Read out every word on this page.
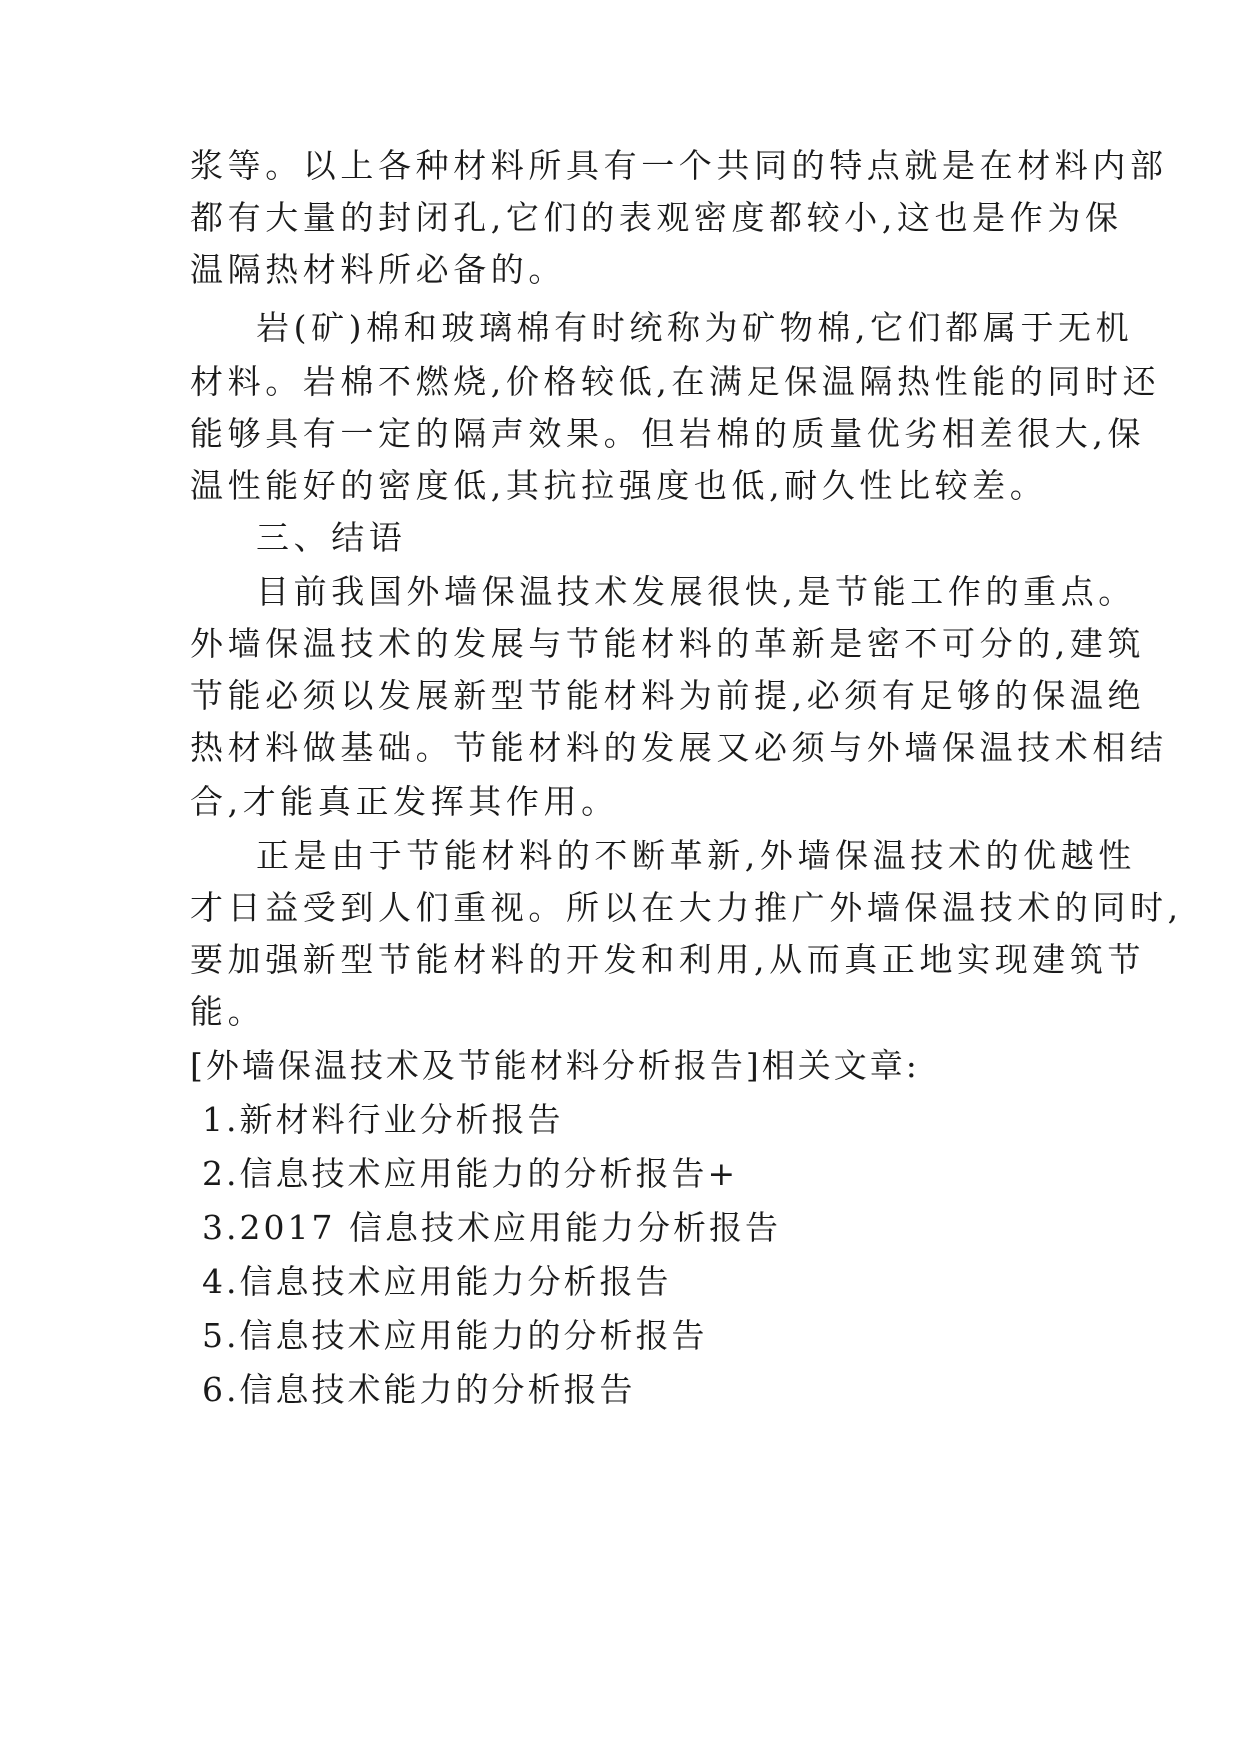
浆等。以上各种材料所具有一个共同的特点就是在材料内部
都有大量的封闭孔,它们的表观密度都较小,这也是作为保
温隔热材料所必备的。
岩(矿)棉和玻璃棉有时统称为矿物棉,它们都属于无机
材料。岩棉不燃烧,价格较低,在满足保温隔热性能的同时还
能够具有一定的隔声效果。但岩棉的质量优劣相差很大,保
温性能好的密度低,其抗拉强度也低,耐久性比较差。
三、结语
目前我国外墙保温技术发展很快,是节能工作的重点。
外墙保温技术的发展与节能材料的革新是密不可分的,建筑
节能必须以发展新型节能材料为前提,必须有足够的保温绝
热材料做基础。节能材料的发展又必须与外墙保温技术相结
合,才能真正发挥其作用。
正是由于节能材料的不断革新,外墙保温技术的优越性
才日益受到人们重视。所以在大力推广外墙保温技术的同时,
要加强新型节能材料的开发和利用,从而真正地实现建筑节
能。
[外墙保温技术及节能材料分析报告]相关文章:
1.新材料行业分析报告
2.信息技术应用能力的分析报告+
3.2017 信息技术应用能力分析报告
4.信息技术应用能力分析报告
5.信息技术应用能力的分析报告
6.信息技术能力的分析报告
